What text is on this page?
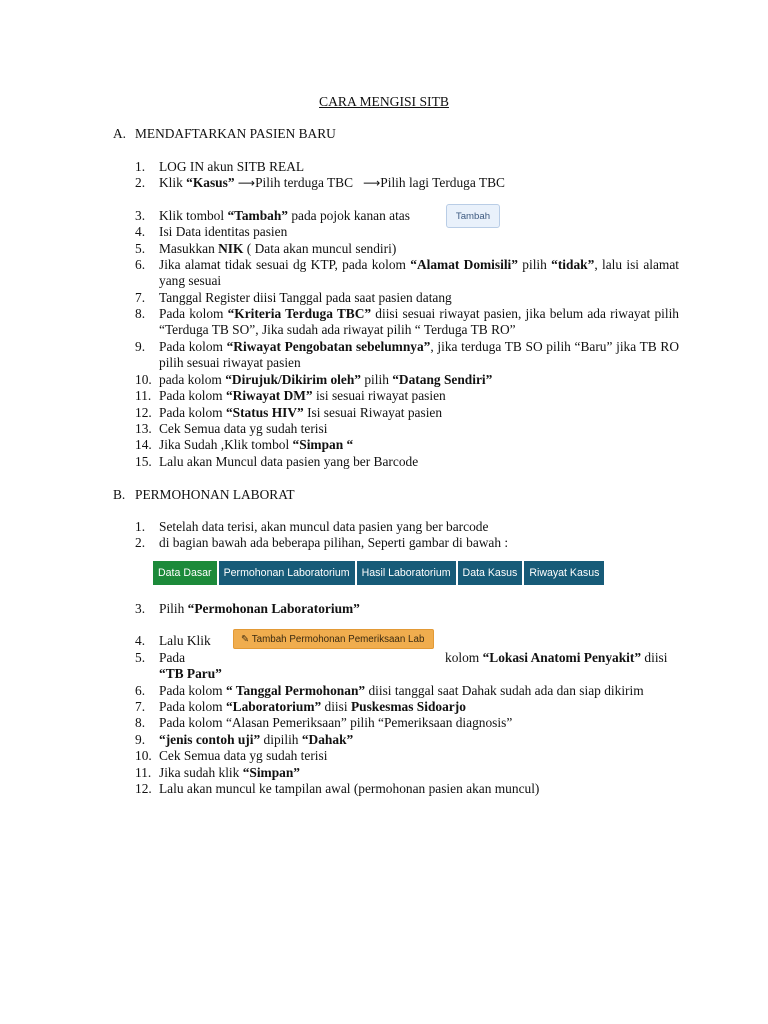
CARA MENGISI SITB
A. MENDAFTARKAN PASIEN BARU
1.	LOG IN akun SITB REAL
2.	Klik “Kasus” ⟶Pilih terduga TBC ⟶Pilih lagi Terduga TBC
3.	Klik tombol “Tambah” pada pojok kanan atas
4.	Isi Data identitas pasien
5.	Masukkan NIK ( Data akan muncul sendiri)
6.	Jika alamat tidak sesuai dg KTP, pada kolom “Alamat Domisili” pilih “tidak”, lalu isi alamat yang sesuai
7.	Tanggal Register diisi Tanggal pada saat pasien datang
8.	Pada kolom “Kriteria Terduga TBC” diisi sesuai riwayat pasien, jika belum ada riwayat pilih “Terduga TB SO”, Jika sudah ada riwayat pilih “ Terduga TB RO”
9.	Pada kolom “Riwayat Pengobatan sebelumnya”, jika terduga TB SO pilih “Baru” jika TB RO pilih sesuai riwayat pasien
10. pada kolom “Dirujuk/Dikirim oleh” pilih “Datang Sendiri”
11. Pada kolom “Riwayat DM” isi sesuai riwayat pasien
12. Pada kolom “Status HIV” Isi sesuai Riwayat pasien
13. Cek Semua data yg sudah terisi
14. Jika Sudah ,Klik tombol “Simpan “
15. Lalu akan Muncul data pasien yang ber Barcode
Tambah
B. PERMOHONAN LABORAT
1.	Setelah data terisi, akan muncul data pasien yang ber barcode
2.	di bagian bawah ada beberapa pilihan, Seperti gambar di bawah :
3.	Pilih “Permohonan Laboratorium”
4.	Lalu Klik
5.	Pada	kolom “Lokasi Anatomi Penyakit” diisi
“TB Paru”
6.	Pada kolom “ Tanggal Permohonan” diisi tanggal saat Dahak sudah ada dan siap dikirim
7.	Pada kolom “Laboratorium” diisi Puskesmas Sidoarjo
8.	Pada kolom “Alasan Pemeriksaan” pilih “Pemeriksaan diagnosis”
9.	“jenis contoh uji” dipilih “Dahak”
10. Cek Semua data yg sudah terisi
11. Jika sudah klik “Simpan”
12. Lalu akan muncul ke tampilan awal (permohonan pasien akan muncul)
Data Dasar	Permohonan Laboratorium	Hasil Laboratorium	Data Kasus	Riwayat Kasus
✎ Tambah Permohonan Pemeriksaan Lab
